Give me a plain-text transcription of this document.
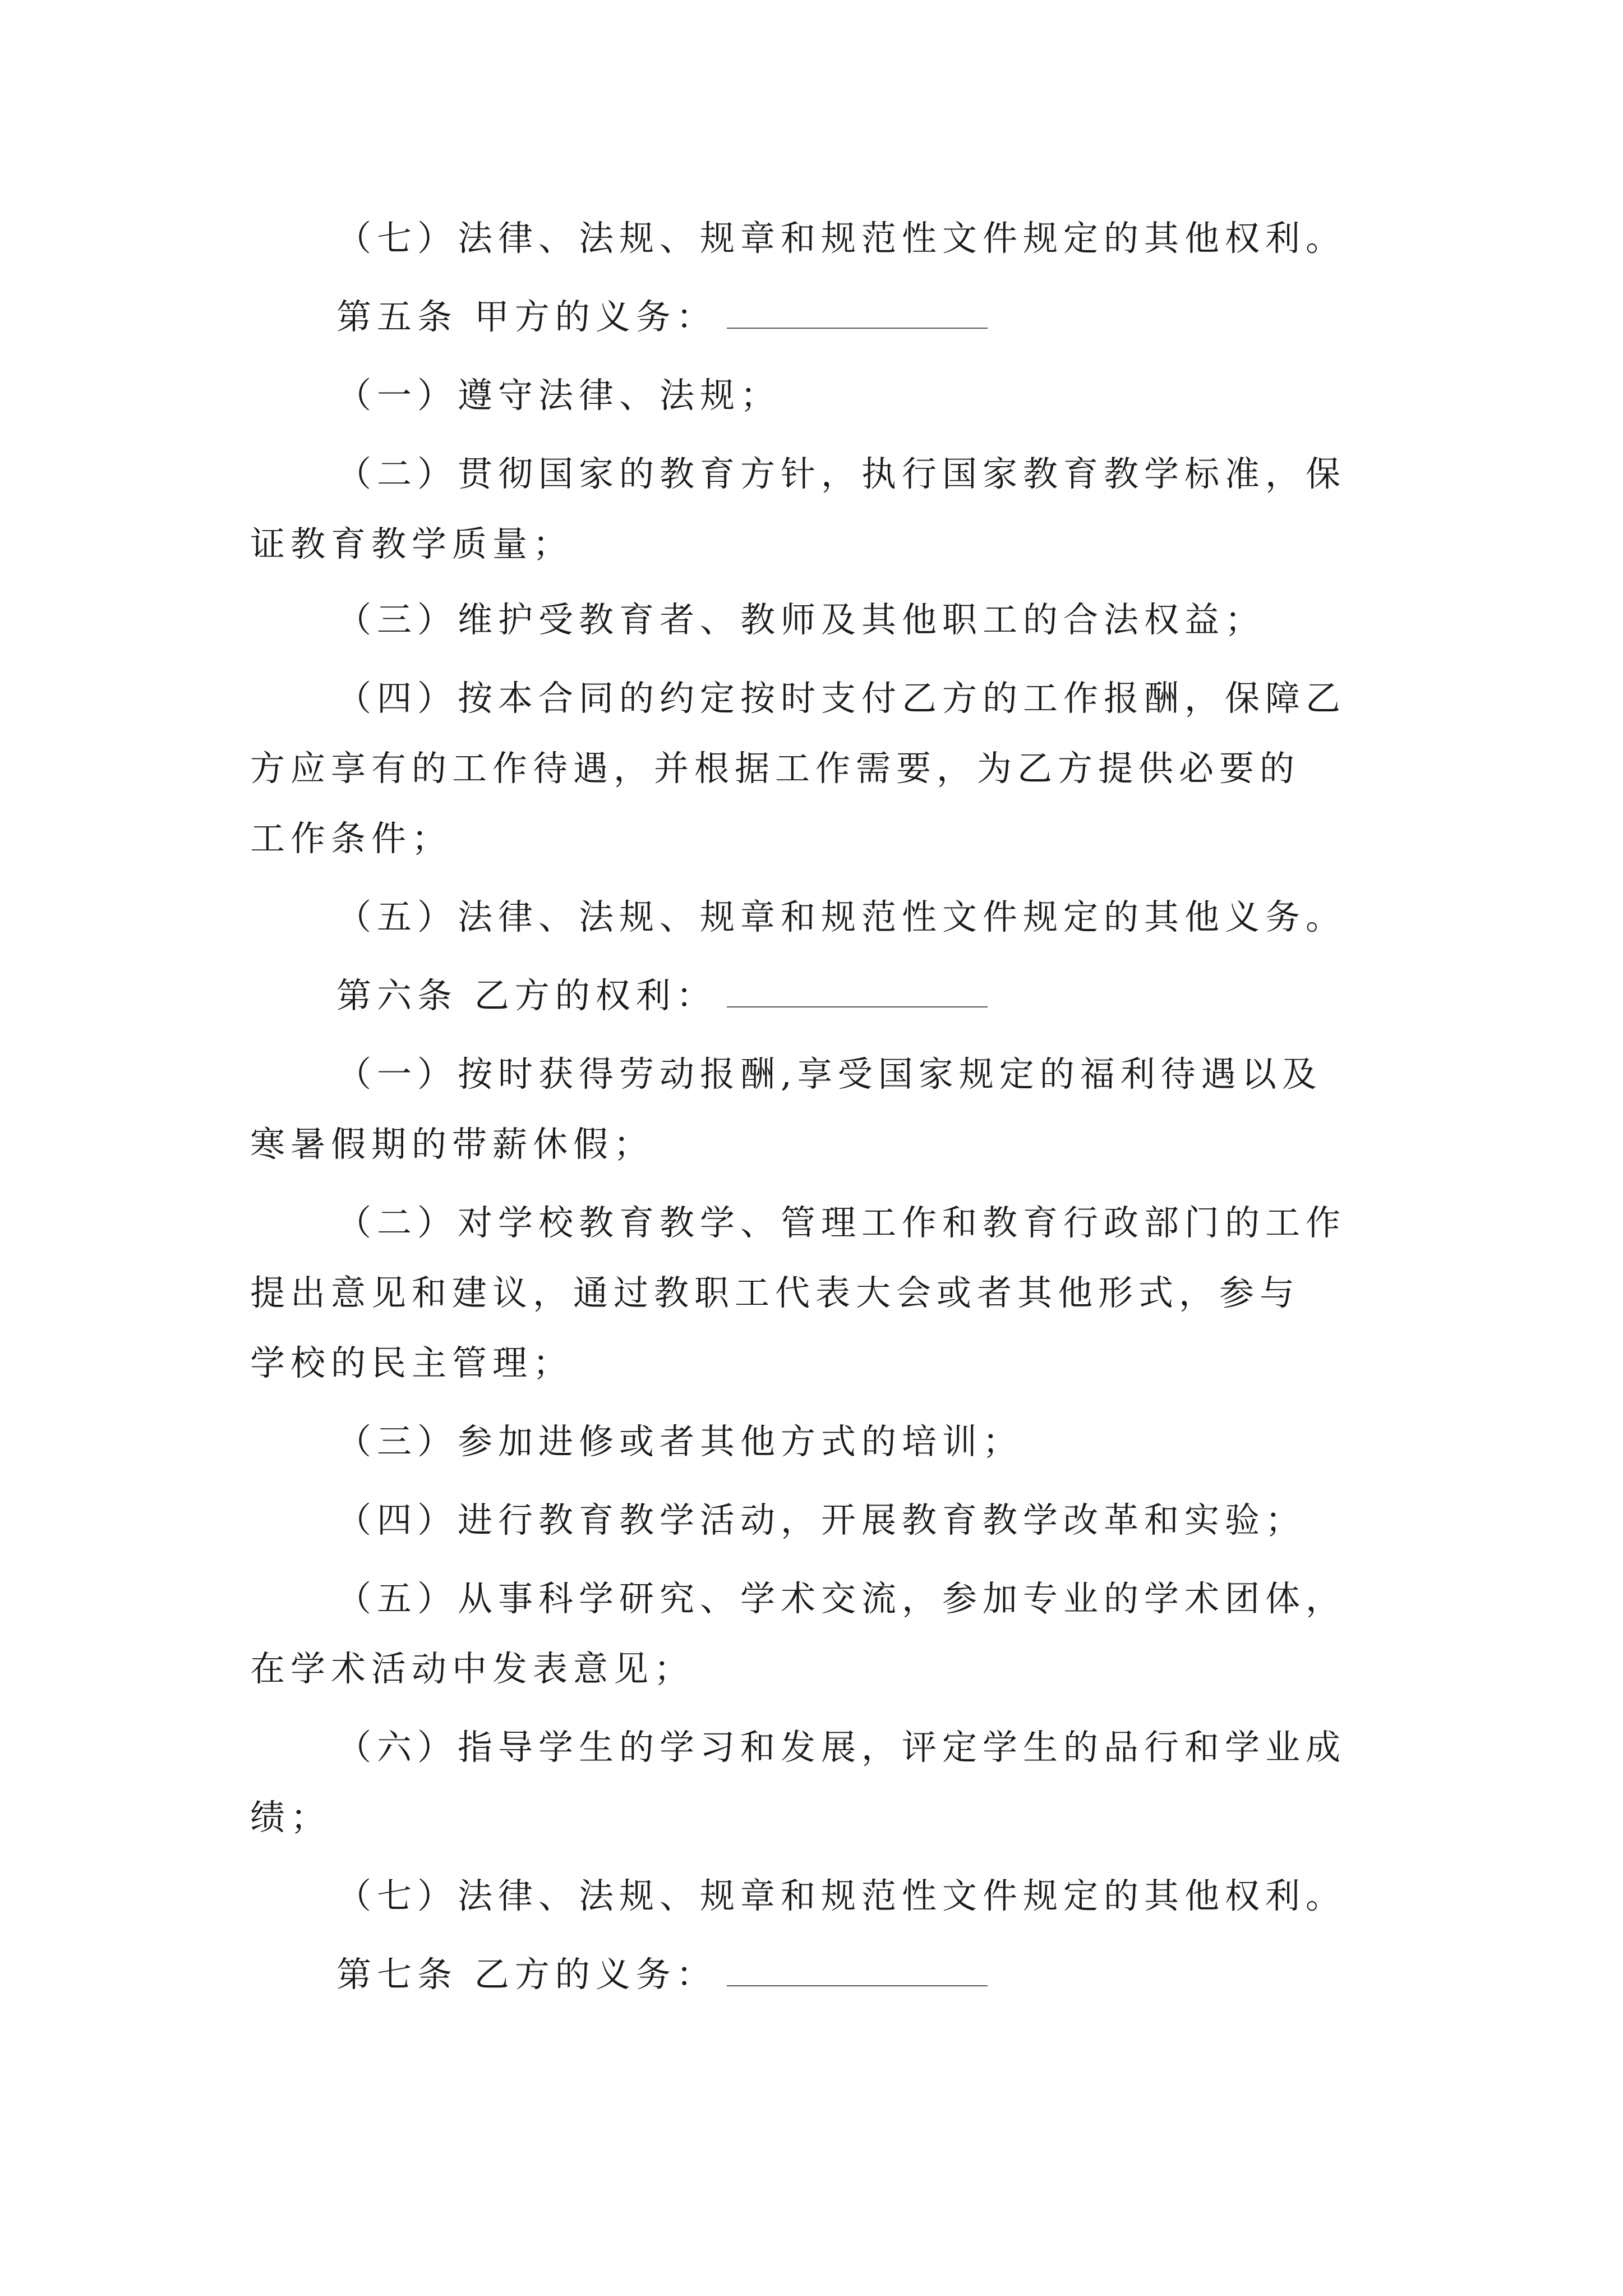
（七）法律、法规、规章和规范性文件规定的其他权利。
第五条 甲方的义务：
（一）遵守法律、法规；
（二）贯彻国家的教育方针，执行国家教育教学标准，保
证教育教学质量；
（三）维护受教育者、教师及其他职工的合法权益；
（四）按本合同的约定按时支付乙方的工作报酬，保障乙
方应享有的工作待遇，并根据工作需要，为乙方提供必要的
工作条件；
（五）法律、法规、规章和规范性文件规定的其他义务。
第六条 乙方的权利：
（一）按时获得劳动报酬,享受国家规定的福利待遇以及
寒暑假期的带薪休假；
（二）对学校教育教学、管理工作和教育行政部门的工作
提出意见和建议，通过教职工代表大会或者其他形式，参与
学校的民主管理；
（三）参加进修或者其他方式的培训；
（四）进行教育教学活动，开展教育教学改革和实验；
（五）从事科学研究、学术交流，参加专业的学术团体，
在学术活动中发表意见；
（六）指导学生的学习和发展，评定学生的品行和学业成
绩；
（七）法律、法规、规章和规范性文件规定的其他权利。
第七条 乙方的义务：
